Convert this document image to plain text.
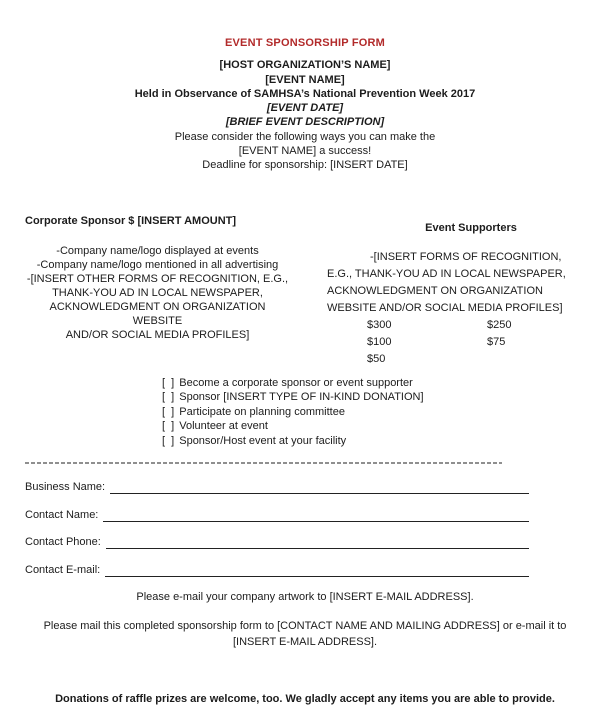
EVENT SPONSORSHIP FORM
[HOST ORGANIZATION’S NAME]
[EVENT NAME]
Held in Observance of SAMHSA’s National Prevention Week 2017
[EVENT DATE]
[BRIEF EVENT DESCRIPTION]
Please consider the following ways you can make the
[EVENT NAME] a success!
Deadline for sponsorship: [INSERT DATE]
Corporate Sponsor $ [INSERT AMOUNT]
-Company name/logo displayed at events
-Company name/logo mentioned in all advertising
-[INSERT OTHER FORMS OF RECOGNITION, E.G.,
THANK-YOU AD IN LOCAL NEWSPAPER,
ACKNOWLEDGMENT ON ORGANIZATION WEBSITE
AND/OR SOCIAL MEDIA PROFILES]
Event Supporters
-[INSERT FORMS OF RECOGNITION, E.G., THANK-YOU AD IN LOCAL NEWSPAPER, ACKNOWLEDGMENT ON ORGANIZATION WEBSITE AND/OR SOCIAL MEDIA PROFILES]
$300	$250
$100	$75
$50
[  ] Become a corporate sponsor or event supporter
[  ] Sponsor [INSERT TYPE OF IN-KIND DONATION]
[  ] Participate on planning committee
[  ] Volunteer at event
[  ] Sponsor/Host event at your facility
Business Name:
Contact Name:
Contact Phone:
Contact E-mail:
Please e-mail your company artwork to [INSERT E-MAIL ADDRESS].
Please mail this completed sponsorship form to [CONTACT NAME AND MAILING ADDRESS] or e-mail it to [INSERT E-MAIL ADDRESS].
Donations of raffle prizes are welcome, too. We gladly accept any items you are able to provide.
